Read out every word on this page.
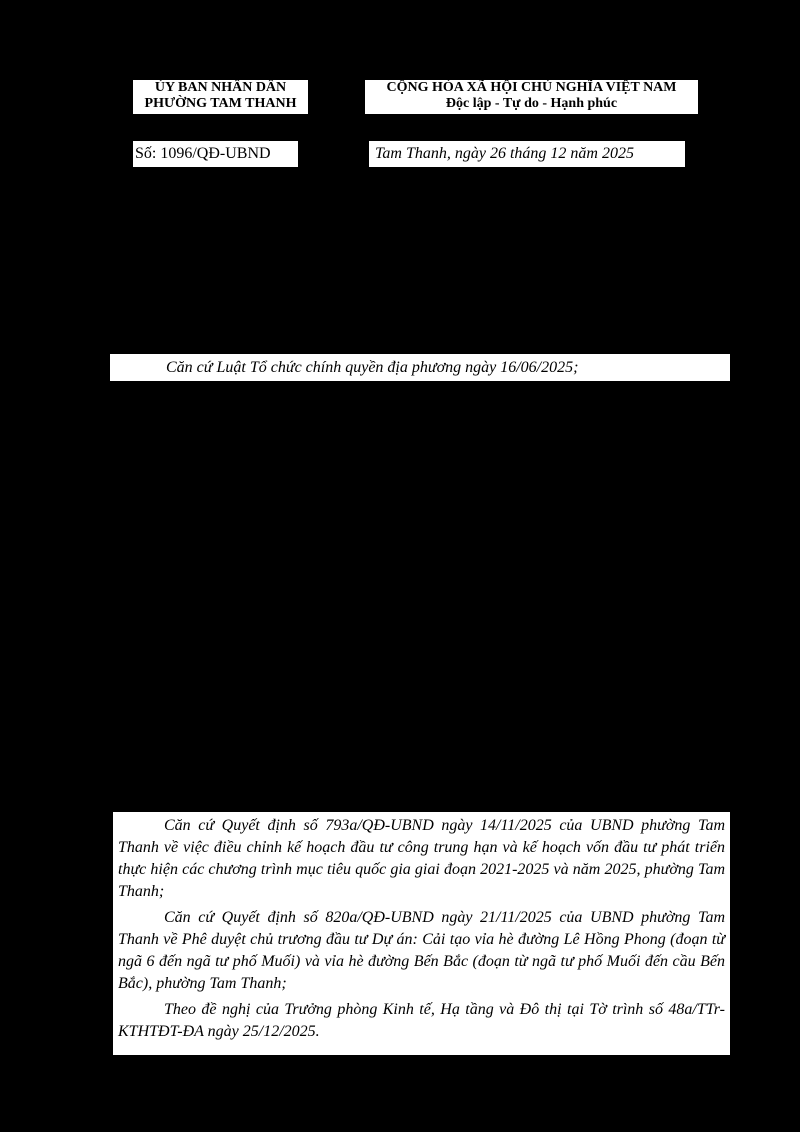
ỦY BAN NHÂN DÂN
PHƯỜNG TAM THANH
CỘNG HÒA XÃ HỘI CHỦ NGHĨA VIỆT NAM
Độc lập - Tự do - Hạnh phúc
Số: 1096/QĐ-UBND	Tam Thanh, ngày 26 tháng 12 năm 2025
Căn cứ Luật Tổ chức chính quyền địa phương ngày 16/06/2025;

Căn cứ Quyết định số 793a/QĐ-UBND ngày 14/11/2025 của UBND phường Tam Thanh về việc điều chỉnh kế hoạch đầu tư công trung hạn và kế hoạch vốn đầu tư phát triển thực hiện các chương trình mục tiêu quốc gia giai đoạn 2021-2025 và năm 2025, phường Tam Thanh;

Căn cứ Quyết định số 820a/QĐ-UBND ngày 21/11/2025 của UBND phường Tam Thanh về Phê duyệt chủ trương đầu tư Dự án: Cải tạo vỉa hè đường Lê Hồng Phong (đoạn từ ngã 6 đến ngã tư phố Muối) và vỉa hè đường Bến Bắc (đoạn từ ngã tư phố Muối đến cầu Bến Bắc), phường Tam Thanh;

Theo đề nghị của Trưởng phòng Kinh tế, Hạ tầng và Đô thị tại Tờ trình số 48a/TTr-KTHTĐT-ĐA ngày 25/12/2025.
